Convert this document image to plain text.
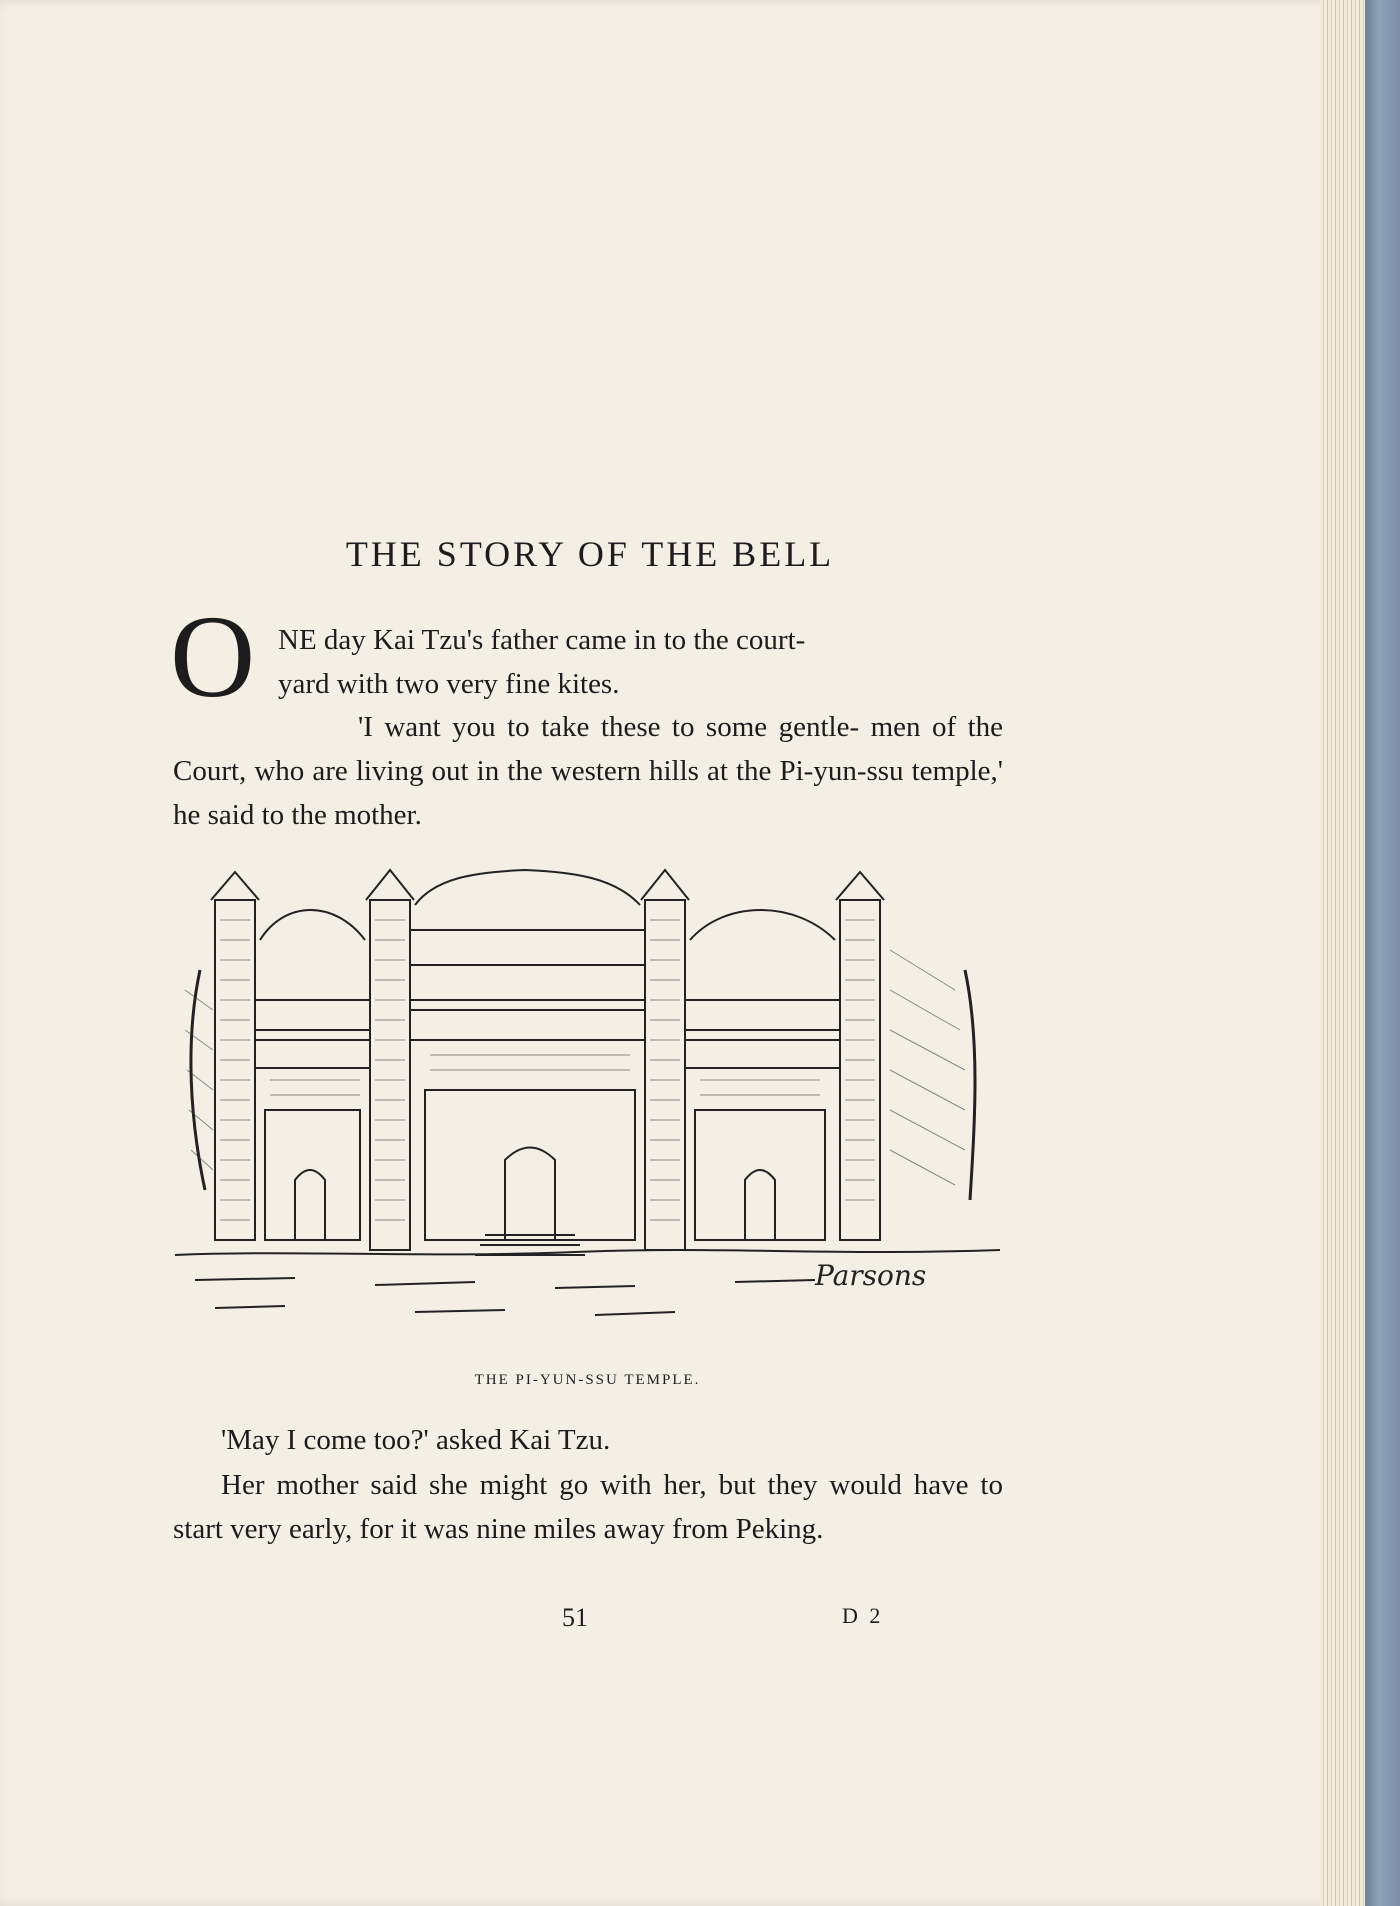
THE STORY OF THE BELL
O NE day Kai Tzu's father came in to the court-
yard with two very fine kites.

'I want you to take these to some gentle- men of the Court, who are living out in the western hills at the Pi-yun-ssu temple,' he said to the mother.

Parsons
THE PI-YUN-SSU TEMPLE.

'May I come too?' asked Kai Tzu.

Her mother said she might go with her, but they would have to start very early, for it was nine miles away from Peking.

51	D 2
